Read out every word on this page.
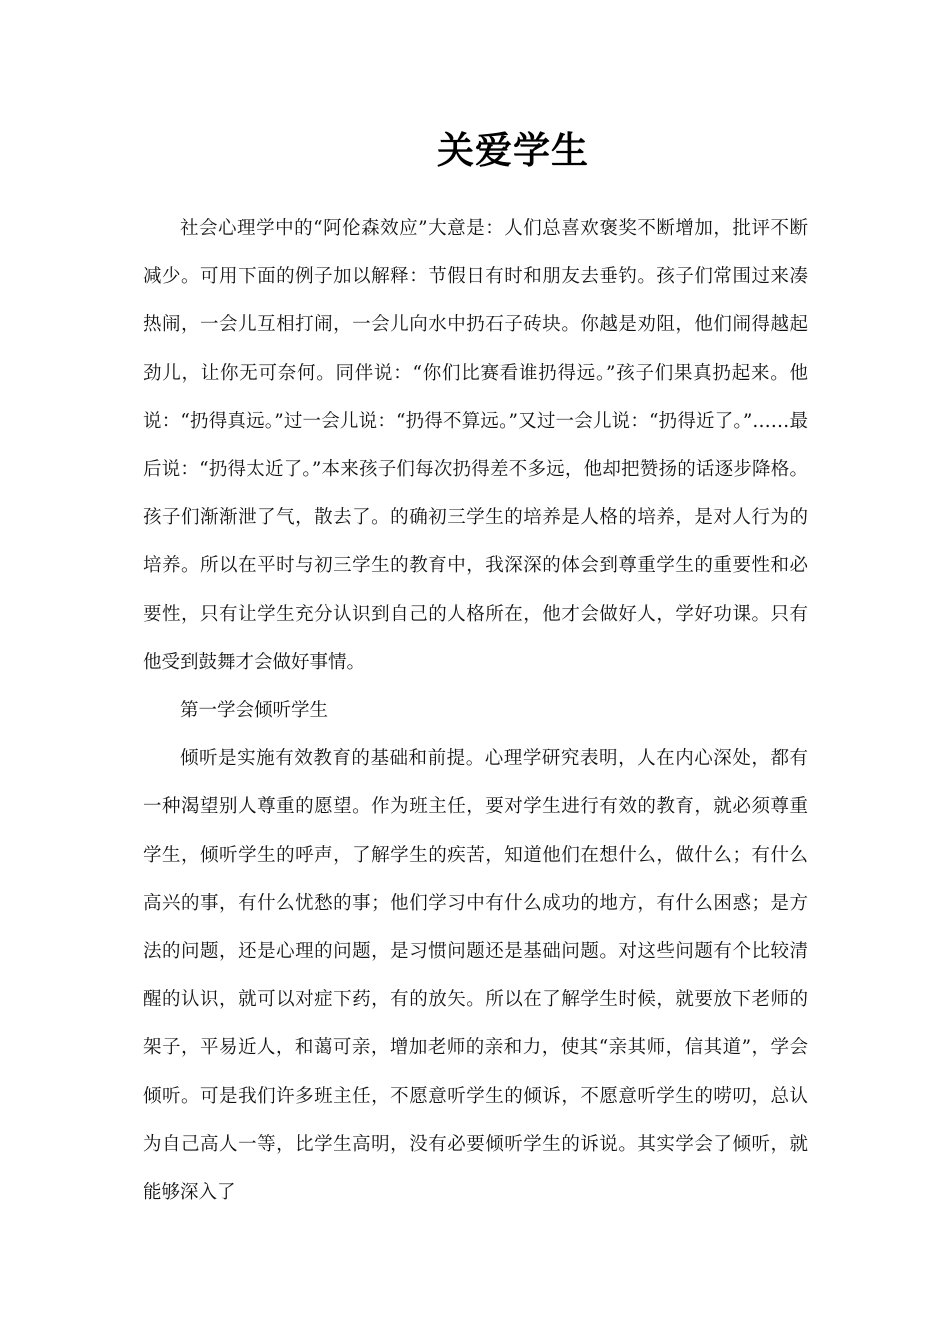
关爱学生

社会心理学中的“阿伦森效应”大意是：人们总喜欢褒奖不断增加，批评不断减少。可用下面的例子加以解释：节假日有时和朋友去垂钓。孩子们常围过来凑热闹，一会儿互相打闹，一会儿向水中扔石子砖块。你越是劝阻，他们闹得越起劲儿，让你无可奈何。同伴说：“你们比赛看谁扔得远。”孩子们果真扔起来。他说：“扔得真远。”过一会儿说：“扔得不算远。”又过一会儿说：“扔得近了。”……最后说：“扔得太近了。”本来孩子们每次扔得差不多远，他却把赞扬的话逐步降格。孩子们渐渐泄了气，散去了。的确初三学生的培养是人格的培养，是对人行为的培养。所以在平时与初三学生的教育中，我深深的体会到尊重学生的重要性和必要性，只有让学生充分认识到自己的人格所在，他才会做好人，学好功课。只有他受到鼓舞才会做好事情。

第一学会倾听学生

倾听是实施有效教育的基础和前提。心理学研究表明，人在内心深处，都有一种渴望别人尊重的愿望。作为班主任，要对学生进行有效的教育，就必须尊重学生，倾听学生的呼声，了解学生的疾苦，知道他们在想什么，做什么；有什么高兴的事，有什么忧愁的事；他们学习中有什么成功的地方，有什么困惑；是方法的问题，还是心理的问题，是习惯问题还是基础问题。对这些问题有个比较清醒的认识，就可以对症下药，有的放矢。所以在了解学生时候，就要放下老师的架子，平易近人，和蔼可亲，增加老师的亲和力，使其“亲其师，信其道”，学会倾听。可是我们许多班主任，不愿意听学生的倾诉，不愿意听学生的唠叨，总认为自己高人一等，比学生高明，没有必要倾听学生的诉说。其实学会了倾听，就能够深入了
